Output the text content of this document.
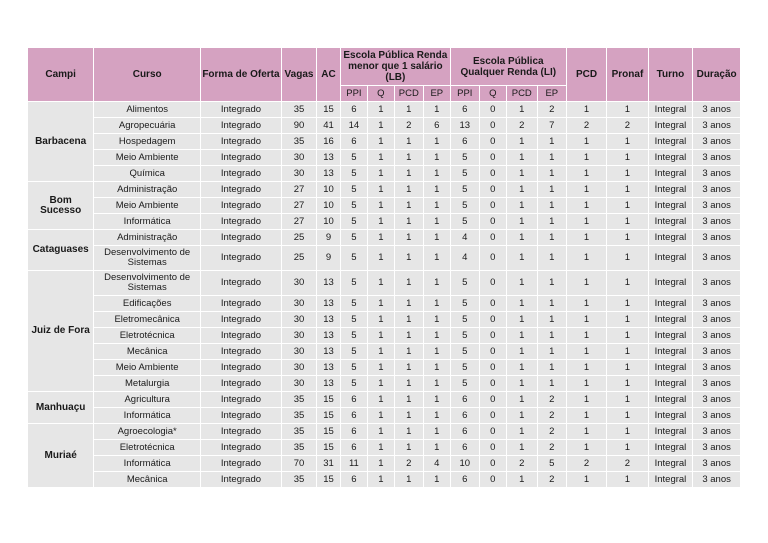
Campi	Curso	Forma de Oferta	Vagas	AC	Escola Pública Renda menor que 1 salário (LB)				Escola Pública Qualquer Renda (LI)				PCD	Pronaf	Turno	Duração
					PPI	Q	PCD	EP	PPI	Q	PCD	EP				
Barbacena	Alimentos	Integrado	35	15	6	1	1	1	6	0	1	2	1	1	Integral	3 anos
	Agropecuária	Integrado	90	41	14	1	2	6	13	0	2	7	2	2	Integral	3 anos
	Hospedagem	Integrado	35	16	6	1	1	1	6	0	1	1	1	1	Integral	3 anos
	Meio Ambiente	Integrado	30	13	5	1	1	1	5	0	1	1	1	1	Integral	3 anos
	Química	Integrado	30	13	5	1	1	1	5	0	1	1	1	1	Integral	3 anos
Bom Sucesso	Administração	Integrado	27	10	5	1	1	1	5	0	1	1	1	1	Integral	3 anos
	Meio Ambiente	Integrado	27	10	5	1	1	1	5	0	1	1	1	1	Integral	3 anos
	Informática	Integrado	27	10	5	1	1	1	5	0	1	1	1	1	Integral	3 anos
Cataguases	Administração	Integrado	25	9	5	1	1	1	4	0	1	1	1	1	Integral	3 anos
	Desenvolvimento de Sistemas	Integrado	25	9	5	1	1	1	4	0	1	1	1	1	Integral	3 anos
Juiz de Fora	Desenvolvimento de Sistemas	Integrado	30	13	5	1	1	1	5	0	1	1	1	1	Integral	3 anos
	Edificações	Integrado	30	13	5	1	1	1	5	0	1	1	1	1	Integral	3 anos
	Eletromecânica	Integrado	30	13	5	1	1	1	5	0	1	1	1	1	Integral	3 anos
	Eletrotécnica	Integrado	30	13	5	1	1	1	5	0	1	1	1	1	Integral	3 anos
	Mecânica	Integrado	30	13	5	1	1	1	5	0	1	1	1	1	Integral	3 anos
	Meio Ambiente	Integrado	30	13	5	1	1	1	5	0	1	1	1	1	Integral	3 anos
	Metalurgia	Integrado	30	13	5	1	1	1	5	0	1	1	1	1	Integral	3 anos
Manhuaçu	Agricultura	Integrado	35	15	6	1	1	1	6	0	1	2	1	1	Integral	3 anos
	Informática	Integrado	35	15	6	1	1	1	6	0	1	2	1	1	Integral	3 anos
Muriaé	Agroecologia*	Integrado	35	15	6	1	1	1	6	0	1	2	1	1	Integral	3 anos
	Eletrotécnica	Integrado	35	15	6	1	1	1	6	0	1	2	1	1	Integral	3 anos
	Informática	Integrado	70	31	11	1	2	4	10	0	2	5	2	2	Integral	3 anos
	Mecânica	Integrado	35	15	6	1	1	1	6	0	1	2	1	1	Integral	3 anos
